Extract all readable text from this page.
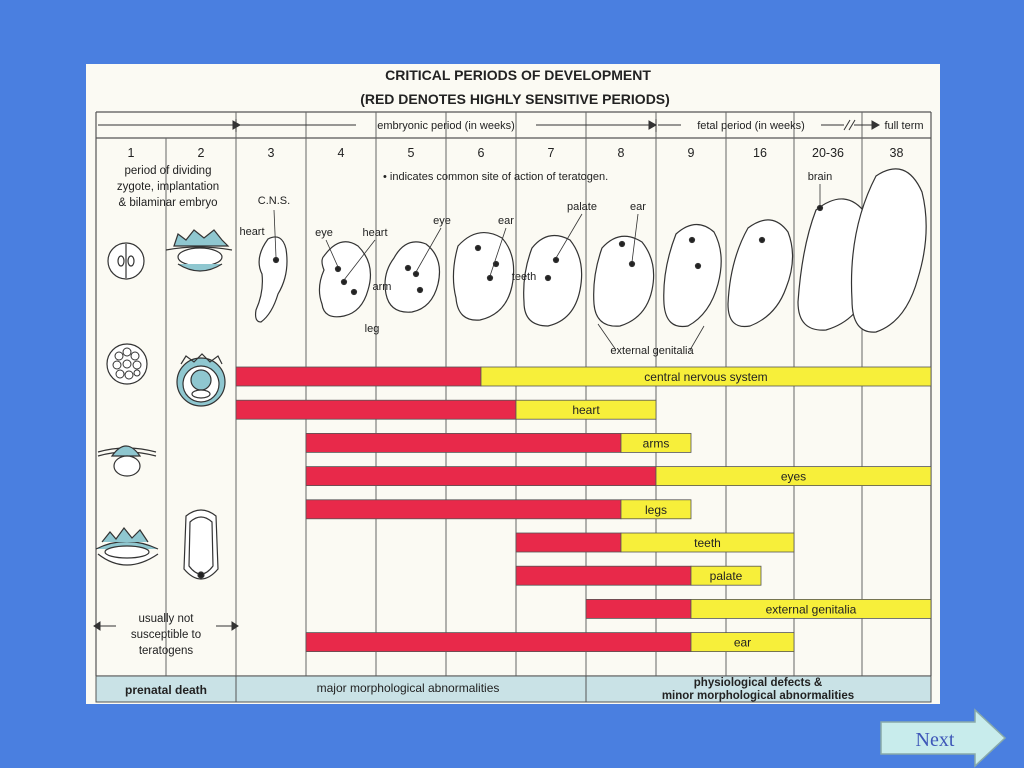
CRITICAL PERIODS OF DEVELOPMENT
(RED DENOTES HIGHLY SENSITIVE PERIODS)
embryonic period (in weeks)	fetal period (in weeks)	full term
1	2	3	4	5	6	7	8	9	16	20-36	38
period of dividing
zygote, implantation
& bilaminar embryo
• indicates common site of action of teratogen.
C.N.S.
heart	eye	heart
eye	ear
arm
leg
teeth
palate	ear
brain
external genitalia
central nervous system
heart
arms
eyes
legs
teeth
palate
external genitalia
ear
usually not
susceptible to
teratogens
prenatal death	major morphological abnormalities	physiological defects &
minor morphological abnormalities
Next
